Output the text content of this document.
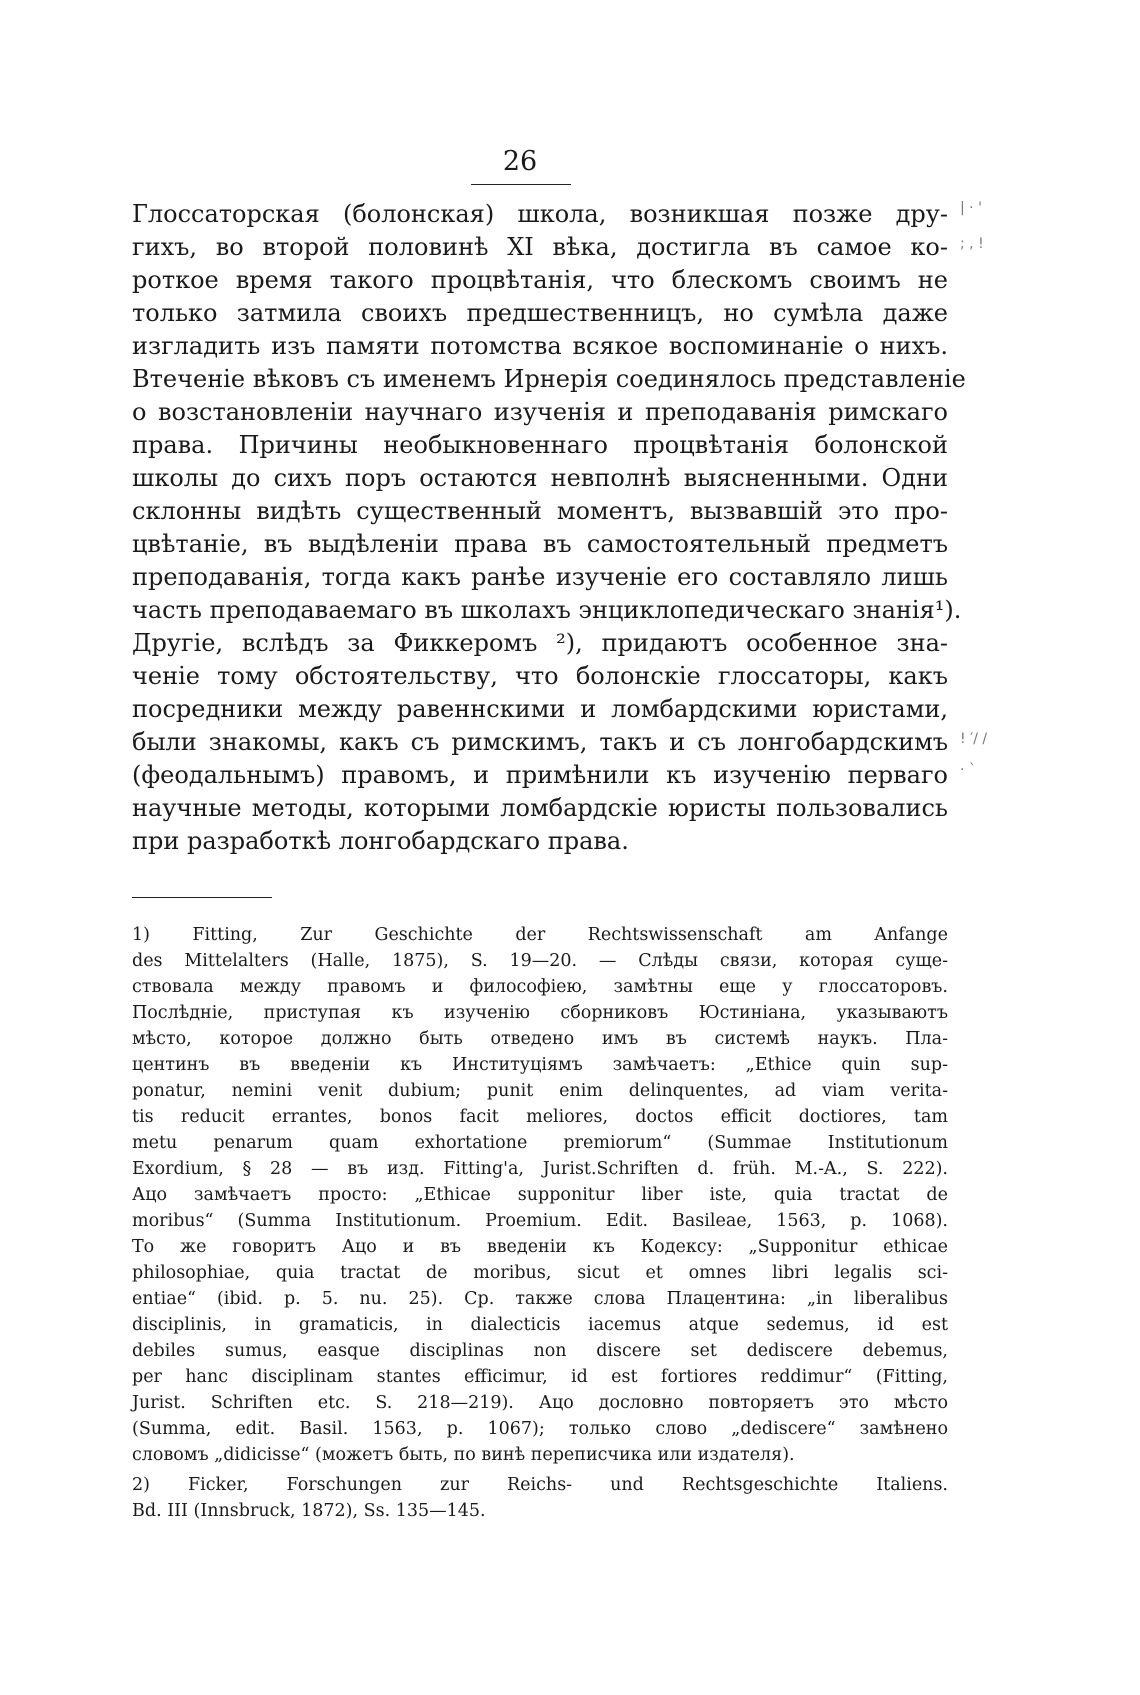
26
Глоссаторская (болонская) школа, возникшая позже дру-
гихъ, во второй половинѣ XI вѣка, достигла въ самое ко-
роткое время такого процвѣтанія, что блескомъ своимъ не
только затмила своихъ предшественницъ, но сумѣла даже
изгладить изъ памяти потомства всякое воспоминаніе о нихъ.
Втеченіе вѣковъ съ именемъ Ирнерія соединялось представленіе
о возстановленіи научнаго изученія и преподаванія римскаго
права. Причины необыкновеннаго процвѣтанія болонской
школы до сихъ поръ остаются невполнѣ выясненными. Одни
склонны видѣть существенный моментъ, вызвавшій это про-
цвѣтаніе, въ выдѣленіи права въ самостоятельный предметъ
преподаванія, тогда какъ ранѣе изученіе его составляло лишь
часть преподаваемаго въ школахъ энциклопедическаго знанія¹).
Другіе, вслѣдъ за Фиккеромъ ²), придаютъ особенное зна-
ченіе тому обстоятельству, что болонскіе глоссаторы, какъ
посредники между равеннскими и ломбардскими юристами,
были знакомы, какъ съ римскимъ, такъ и съ лонгобардскимъ
(феодальнымъ) правомъ, и примѣнили къ изученію перваго
научные методы, которыми ломбардскіе юристы пользовались
при разработкѣ лонгобардскаго права.
1) Fitting, Zur Geschichte der Rechtswissenschaft am Anfange
des Mittelalters (Halle, 1875), S. 19—20. — Слѣды связи, которая суще-
ствовала между правомъ и философіею, замѣтны еще у глоссаторовъ.
Послѣдніе, приступая къ изученію сборниковъ Юстиніана, указываютъ
мѣсто, которое должно быть отведено имъ въ системѣ наукъ. Пла-
центинъ въ введеніи къ Институціямъ замѣчаетъ: „Ethice quin sup-
ponatur, nemini venit dubium; punit enim delinquentes, ad viam verita-
tis reducit errantes, bonos facit meliores, doctos efficit doctiores, tam
metu penarum quam exhortatione premiorum“ (Summae Institutionum
Exordium, § 28 — въ изд. Fitting'a, Jurist.Schriften d. früh. M.-A., S. 222).
Ацо замѣчаетъ просто: „Ethicae supponitur liber iste, quia tractat de
moribus“ (Summa Institutionum. Proemium. Edit. Basileae, 1563, p. 1068).
То же говоритъ Ацо и въ введеніи къ Кодексу: „Supponitur ethicae
philosophiae, quia tractat de moribus, sicut et omnes libri legalis sci-
entiae“ (ibid. p. 5. nu. 25). Ср. также слова Плацентина: „in liberalibus
disciplinis, in gramaticis, in dialecticis iacemus atque sedemus, id est
debiles sumus, easque disciplinas non discere set dediscere debemus,
per hanc disciplinam stantes efficimur, id est fortiores reddimur“ (Fitting,
Jurist. Schriften etc. S. 218—219). Ацо дословно повторяетъ это мѣсто
(Summa, edit. Basil. 1563, p. 1067); только слово „dediscere“ замѣнено
словомъ „didicisse“ (можетъ быть, по винѣ переписчика или издателя).
2) Ficker, Forschungen zur Reichs- und Rechtsgeschichte Italiens.
Bd. III (Innsbruck, 1872), Ss. 135—145.
| · '
; , !
! ′/ /
· `
